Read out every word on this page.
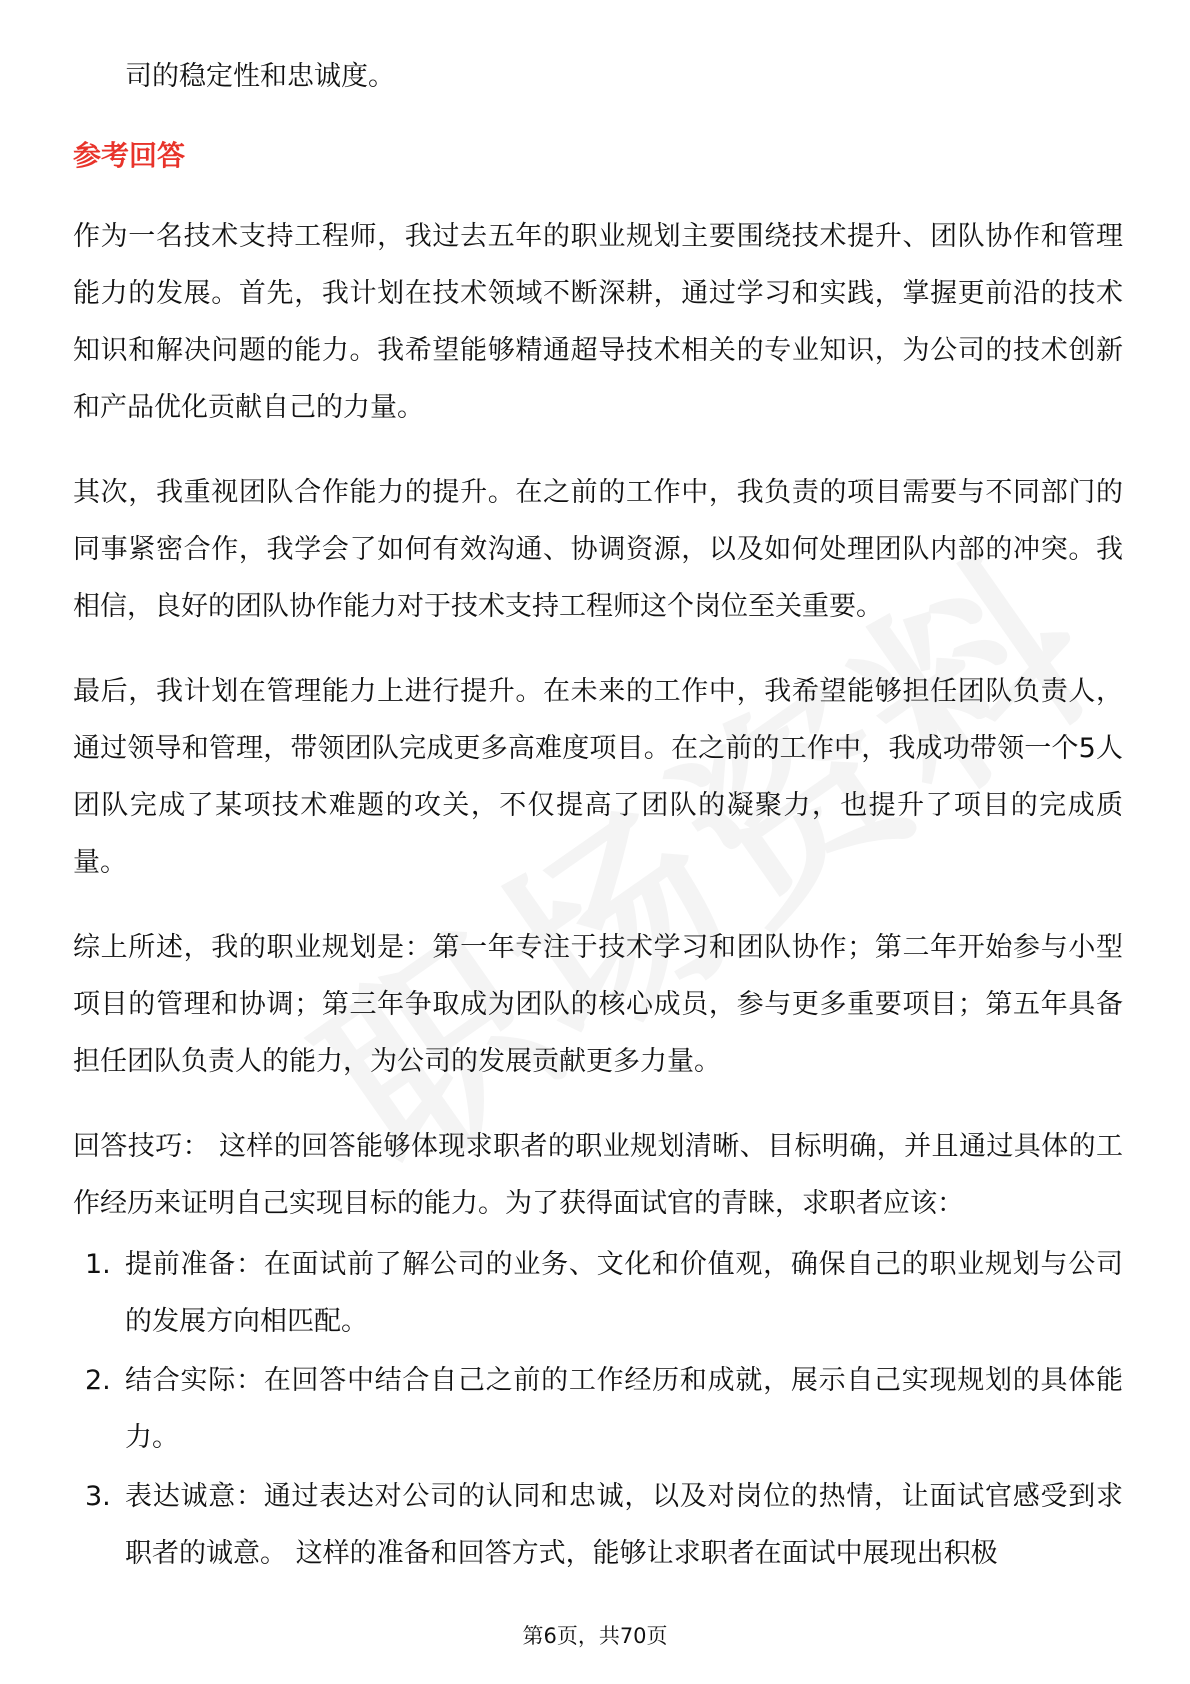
司的稳定性和忠诚度。

参考回答

作为一名技术支持工程师，我过去五年的职业规划主要围绕技术提升、团队协作和管理能力的发展。首先，我计划在技术领域不断深耕，通过学习和实践，掌握更前沿的技术知识和解决问题的能力。我希望能够精通超导技术相关的专业知识，为公司的技术创新和产品优化贡献自己的力量。

其次，我重视团队合作能力的提升。在之前的工作中，我负责的项目需要与不同部门的同事紧密合作，我学会了如何有效沟通、协调资源，以及如何处理团队内部的冲突。我相信，良好的团队协作能力对于技术支持工程师这个岗位至关重要。

最后，我计划在管理能力上进行提升。在未来的工作中，我希望能够担任团队负责人，通过领导和管理，带领团队完成更多高难度项目。在之前的工作中，我成功带领一个5人团队完成了某项技术难题的攻关，不仅提高了团队的凝聚力，也提升了项目的完成质量。

综上所述，我的职业规划是：第一年专注于技术学习和团队协作；第二年开始参与小型项目的管理和协调；第三年争取成为团队的核心成员，参与更多重要项目；第五年具备担任团队负责人的能力，为公司的发展贡献更多力量。

回答技巧： 这样的回答能够体现求职者的职业规划清晰、目标明确，并且通过具体的工作经历来证明自己实现目标的能力。为了获得面试官的青睐，求职者应该：

1. 提前准备：在面试前了解公司的业务、文化和价值观，确保自己的职业规划与公司的发展方向相匹配。
2. 结合实际：在回答中结合自己之前的工作经历和成就，展示自己实现规划的具体能力。
3. 表达诚意：通过表达对公司的认同和忠诚，以及对岗位的热情，让面试官感受到求职者的诚意。 这样的准备和回答方式，能够让求职者在面试中展现出积极
第6页，共70页
